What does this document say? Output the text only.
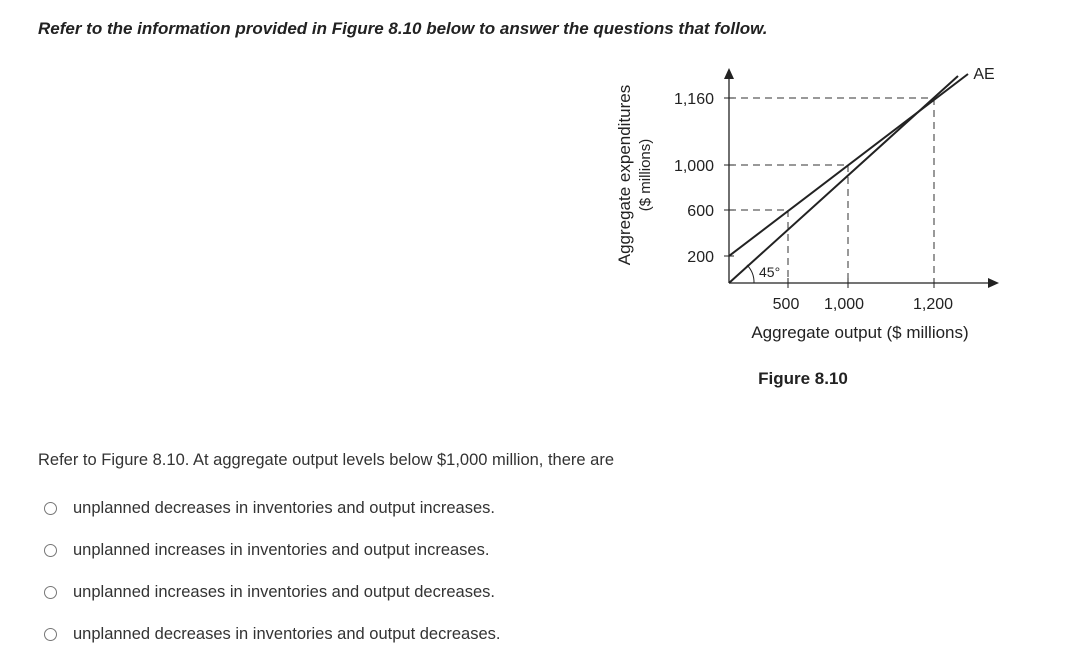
Refer to the information provided in Figure 8.10 below to answer the questions that follow.
1,160
1,000
600
200
500 1,000	1,200
45°
AE
Aggregate output ($ millions)
Aggregate expenditures ($ millions)
Figure 8.10
Refer to Figure 8.10. At aggregate output levels below $1,000 million, there are
unplanned decreases in inventories and output increases.
unplanned increases in inventories and output increases.
unplanned increases in inventories and output decreases.
unplanned decreases in inventories and output decreases.
